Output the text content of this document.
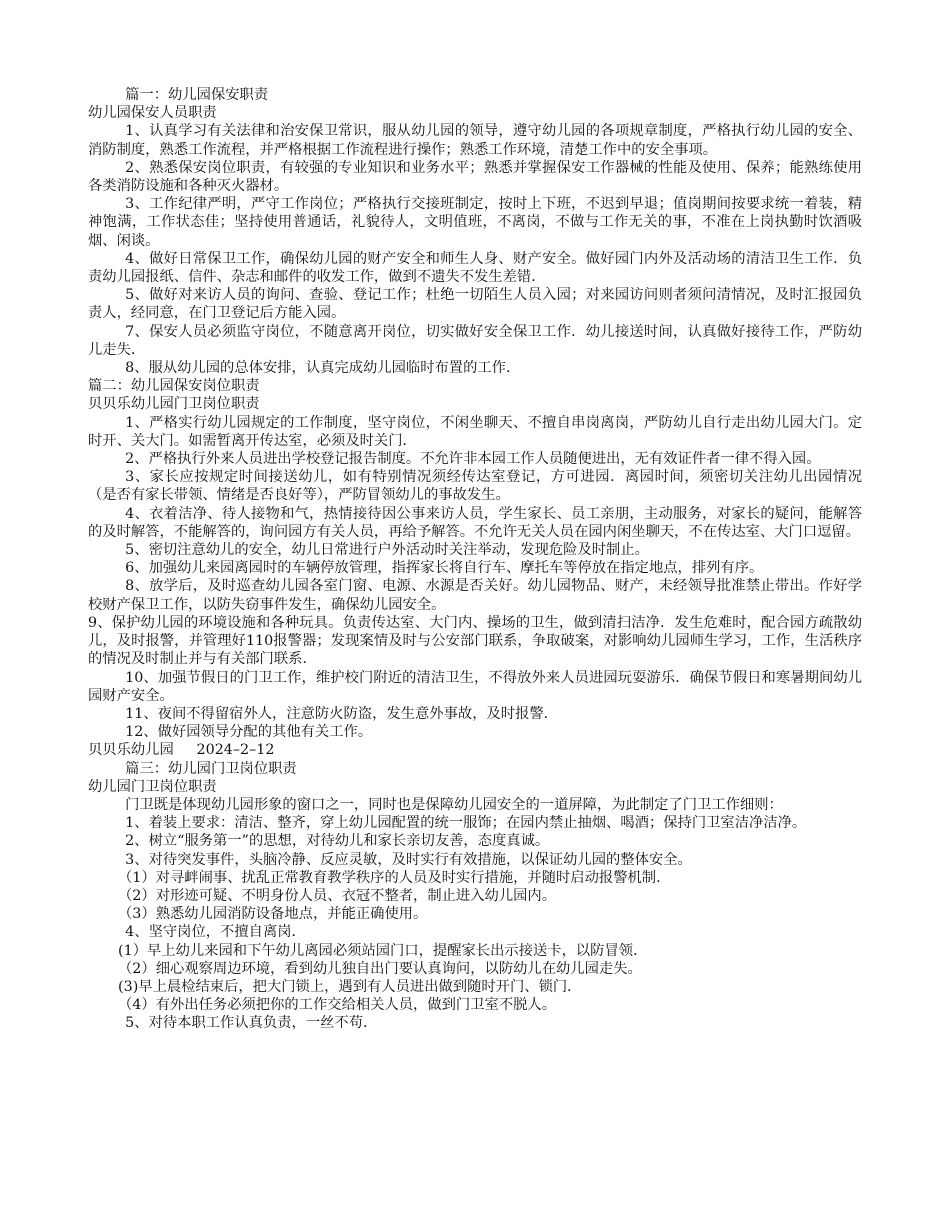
篇一：幼儿园保安职责

幼儿园保安人员职责

1、认真学习有关法律和治安保卫常识，服从幼儿园的领导，遵守幼儿园的各项规章制度，严格执行幼儿园的安全、消防制度，熟悉工作流程，并严格根据工作流程进行操作；熟悉工作环境，清楚工作中的安全事项。

2、熟悉保安岗位职责，有较强的专业知识和业务水平；熟悉并掌握保安工作器械的性能及使用、保养；能熟练使用各类消防设施和各种灭火器材。

3、工作纪律严明，严守工作岗位；严格执行交接班制定，按时上下班，不迟到早退；值岗期间按要求统一着装，精神饱满，工作状态佳；坚持使用普通话，礼貌待人，文明值班，不离岗，不做与工作无关的事，不准在上岗执勤时饮酒吸烟、闲谈。

4、做好日常保卫工作，确保幼儿园的财产安全和师生人身、财产安全。做好园门内外及活动场的清洁卫生工作．负责幼儿园报纸、信件、杂志和邮件的收发工作，做到不遗失不发生差错．

5、做好对来访人员的询问、查验、登记工作；杜绝一切陌生人员入园；对来园访问则者须问清情况，及时汇报园负责人，经同意，在门卫登记后方能入园。

7、保安人员必须监守岗位，不随意离开岗位，切实做好安全保卫工作．幼儿接送时间，认真做好接待工作，严防幼儿走失．

8、服从幼儿园的总体安排，认真完成幼儿园临时布置的工作．

篇二：幼儿园保安岗位职责

贝贝乐幼儿园门卫岗位职责

1、严格实行幼儿园规定的工作制度，坚守岗位，不闲坐聊天、不擅自串岗离岗，严防幼儿自行走出幼儿园大门。定时开、关大门。如需暂离开传达室，必须及时关门．

2、严格执行外来人员进出学校登记报告制度。不允许非本园工作人员随便进出，无有效证件者一律不得入园。

3、家长应按规定时间接送幼儿，如有特别情况须经传达室登记，方可进园．离园时间，须密切关注幼儿出园情况（是否有家长带领、情绪是否良好等），严防冒领幼儿的事故发生。

4、衣着洁净、待人接物和气，热情接待因公事来访人员，学生家长、员工亲朋，主动服务，对家长的疑问，能解答的及时解答，不能解答的，询问园方有关人员，再给予解答。不允许无关人员在园内闲坐聊天，不在传达室、大门口逗留。

5、密切注意幼儿的安全，幼儿日常进行户外活动时关注举动，发现危险及时制止。

6、加强幼儿来园离园时的车辆停放管理，指挥家长将自行车、摩托车等停放在指定地点，排列有序。

8、放学后，及时巡查幼儿园各室门窗、电源、水源是否关好。幼儿园物品、财产，未经领导批准禁止带出。作好学校财产保卫工作，以防失窃事件发生，确保幼儿园安全。

9、保护幼儿园的环境设施和各种玩具。负责传达室、大门内、操场的卫生，做到清扫洁净．发生危难时，配合园方疏散幼儿，及时报警，并管理好110报警器；发现案情及时与公安部门联系，争取破案，对影响幼儿园师生学习，工作，生活秩序的情况及时制止并与有关部门联系．

10、加强节假日的门卫工作，维护校门附近的清洁卫生，不得放外来人员进园玩耍游乐．确保节假日和寒暑期间幼儿园财产安全。

11、夜间不得留宿外人，注意防火防盗，发生意外事故，及时报警．

12、做好园领导分配的其他有关工作。

贝贝乐幼儿园     2024–2–12

篇三：幼儿园门卫岗位职责

幼儿园门卫岗位职责

门卫既是体现幼儿园形象的窗口之一，同时也是保障幼儿园安全的一道屏障，为此制定了门卫工作细则：

1、着装上要求：清洁、整齐，穿上幼儿园配置的统一服饰；在园内禁止抽烟、喝酒；保持门卫室洁净洁净。

2、树立“服务第一”的思想，对待幼儿和家长亲切友善，态度真诚。

3、对待突发事件，头脑冷静、反应灵敏，及时实行有效措施，以保证幼儿园的整体安全。

（1）对寻衅闹事、扰乱正常教育教学秩序的人员及时实行措施，并随时启动报警机制．

（2）对形迹可疑、不明身份人员、衣冠不整者，制止进入幼儿园内。

（3）熟悉幼儿园消防设备地点，并能正确使用。

4、坚守岗位，不擅自离岗．

(1）早上幼儿来园和下午幼儿离园必须站园门口，提醒家长出示接送卡，以防冒领．

（2）细心观察周边环境，看到幼儿独自出门要认真询问，以防幼儿在幼儿园走失。

(3)早上晨检结束后，把大门锁上，遇到有人员进出做到随时开门、锁门．

（4）有外出任务必须把你的工作交给相关人员，做到门卫室不脱人。

5、对待本职工作认真负责，一丝不苟．
